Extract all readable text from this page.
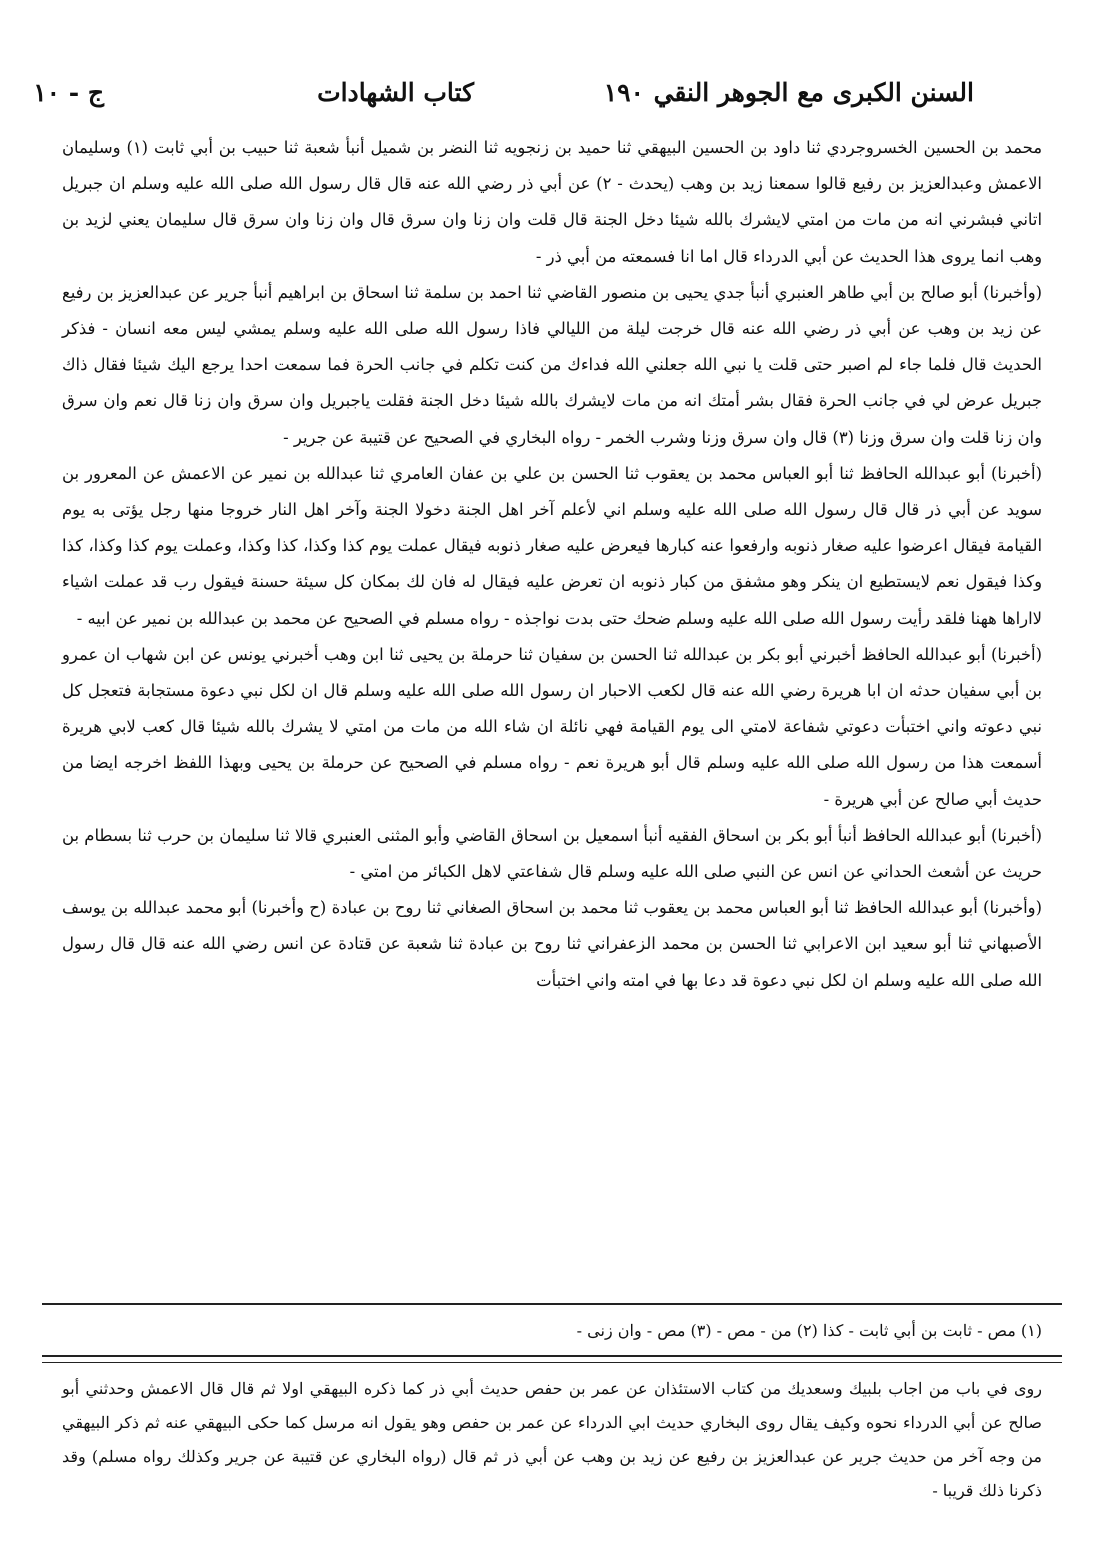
السنن الكبرى مع الجوهر النقي
١٩٠
كتاب الشهادات
ج - ١٠

محمد بن الحسين الخسروجردي ثنا داود بن الحسين البيهقي ثنا حميد بن زنجويه ثنا النضر بن شميل أنبأ شعبة ثنا حبيب بن أبي ثابت (١) وسليمان الاعمش وعبدالعزيز بن رفيع قالوا سمعنا زيد بن وهب (يحدث - ٢) عن أبي ذر رضي الله عنه قال قال رسول الله صلى الله عليه وسلم ان جبريل اتاني فبشرني انه من مات من امتي لايشرك بالله شيئا دخل الجنة قال قلت وان زنا وان سرق قال وان زنا وان سرق قال سليمان يعني لزيد بن وهب انما يروى هذا الحديث عن أبي الدرداء قال اما انا فسمعته من أبي ذر -

(وأخبرنا) أبو صالح بن أبي طاهر العنبري أنبأ جدي يحيى بن منصور القاضي ثنا احمد بن سلمة ثنا اسحاق بن ابراهيم أنبأ جرير عن عبدالعزيز بن رفيع عن زيد بن وهب عن أبي ذر رضي الله عنه قال خرجت ليلة من الليالي فاذا رسول الله صلى الله عليه وسلم يمشي ليس معه انسان - فذكر الحديث قال فلما جاء لم اصبر حتى قلت يا نبي الله جعلني الله فداءك من كنت تكلم في جانب الحرة فما سمعت احدا يرجع اليك شيئا فقال ذاك جبريل عرض لي في جانب الحرة فقال بشر أمتك انه من مات لايشرك بالله شيئا دخل الجنة فقلت ياجبريل وان سرق وان زنا قال نعم وان سرق وان زنا قلت وان سرق وزنا (٣) قال وان سرق وزنا وشرب الخمر - رواه البخاري في الصحيح عن قتيبة عن جرير -

(أخبرنا) أبو عبدالله الحافظ ثنا أبو العباس محمد بن يعقوب ثنا الحسن بن علي بن عفان العامري ثنا عبدالله بن نمير عن الاعمش عن المعرور بن سويد عن أبي ذر قال قال رسول الله صلى الله عليه وسلم اني لأعلم آخر اهل الجنة دخولا الجنة وآخر اهل النار خروجا منها رجل يؤتى به يوم القيامة فيقال اعرضوا عليه صغار ذنوبه وارفعوا عنه كبارها فيعرض عليه صغار ذنوبه فيقال عملت يوم كذا وكذا، كذا وكذا، وعملت يوم كذا وكذا، كذا وكذا فيقول نعم لايستطيع ان ينكر وهو مشفق من كبار ذنوبه ان تعرض عليه فيقال له فان لك بمكان كل سيئة حسنة فيقول رب قد عملت اشياء لااراها ههنا فلقد رأيت رسول الله صلى الله عليه وسلم ضحك حتى بدت نواجذه - رواه مسلم في الصحيح عن محمد بن عبدالله بن نمير عن ابيه -

(أخبرنا) أبو عبدالله الحافظ أخبرني أبو بكر بن عبدالله ثنا الحسن بن سفيان ثنا حرملة بن يحيى ثنا ابن وهب أخبرني يونس عن ابن شهاب ان عمرو بن أبي سفيان حدثه ان ابا هريرة رضي الله عنه قال لكعب الاحبار ان رسول الله صلى الله عليه وسلم قال ان لكل نبي دعوة مستجابة فتعجل كل نبي دعوته واني اختبأت دعوتي شفاعة لامتي الى يوم القيامة فهي نائلة ان شاء الله من مات من امتي لا يشرك بالله شيئا قال كعب لابي هريرة أسمعت هذا من رسول الله صلى الله عليه وسلم قال أبو هريرة نعم - رواه مسلم في الصحيح عن حرملة بن يحيى وبهذا اللفظ اخرجه ايضا من حديث أبي صالح عن أبي هريرة -

(أخبرنا) أبو عبدالله الحافظ أنبأ أبو بكر بن اسحاق الفقيه أنبأ اسمعيل بن اسحاق القاضي وأبو المثنى العنبري قالا ثنا سليمان بن حرب ثنا بسطام بن حريث عن أشعث الحداني عن انس عن النبي صلى الله عليه وسلم قال شفاعتي لاهل الكبائر من امتي -

(وأخبرنا) أبو عبدالله الحافظ ثنا أبو العباس محمد بن يعقوب ثنا محمد بن اسحاق الصغاني ثنا روح بن عبادة (ح وأخبرنا) أبو محمد عبدالله بن يوسف الأصبهاني ثنا أبو سعيد ابن الاعرابي ثنا الحسن بن محمد الزعفراني ثنا روح بن عبادة ثنا شعبة عن قتادة عن انس رضي الله عنه قال قال رسول الله صلى الله عليه وسلم ان لكل نبي دعوة قد دعا بها في امته واني اختبأت

(١) مص - ثابت بن أبي ثابت - كذا (٢) من - مص - (٣) مص - وان زنى -

روى في باب من اجاب بلبيك وسعديك من كتاب الاستئذان عن عمر بن حفص حديث أبي ذر كما ذكره البيهقي اولا ثم قال قال الاعمش وحدثني أبو صالح عن أبي الدرداء نحوه وكيف يقال روى البخاري حديث ابي الدرداء عن عمر بن حفص وهو يقول انه مرسل كما حكى البيهقي عنه ثم ذكر البيهقي من وجه آخر من حديث جرير عن عبدالعزيز بن رفيع عن زيد بن وهب عن أبي ذر ثم قال (رواه البخاري عن قتيبة عن جرير وكذلك رواه مسلم) وقد ذكرنا ذلك قريبا -
